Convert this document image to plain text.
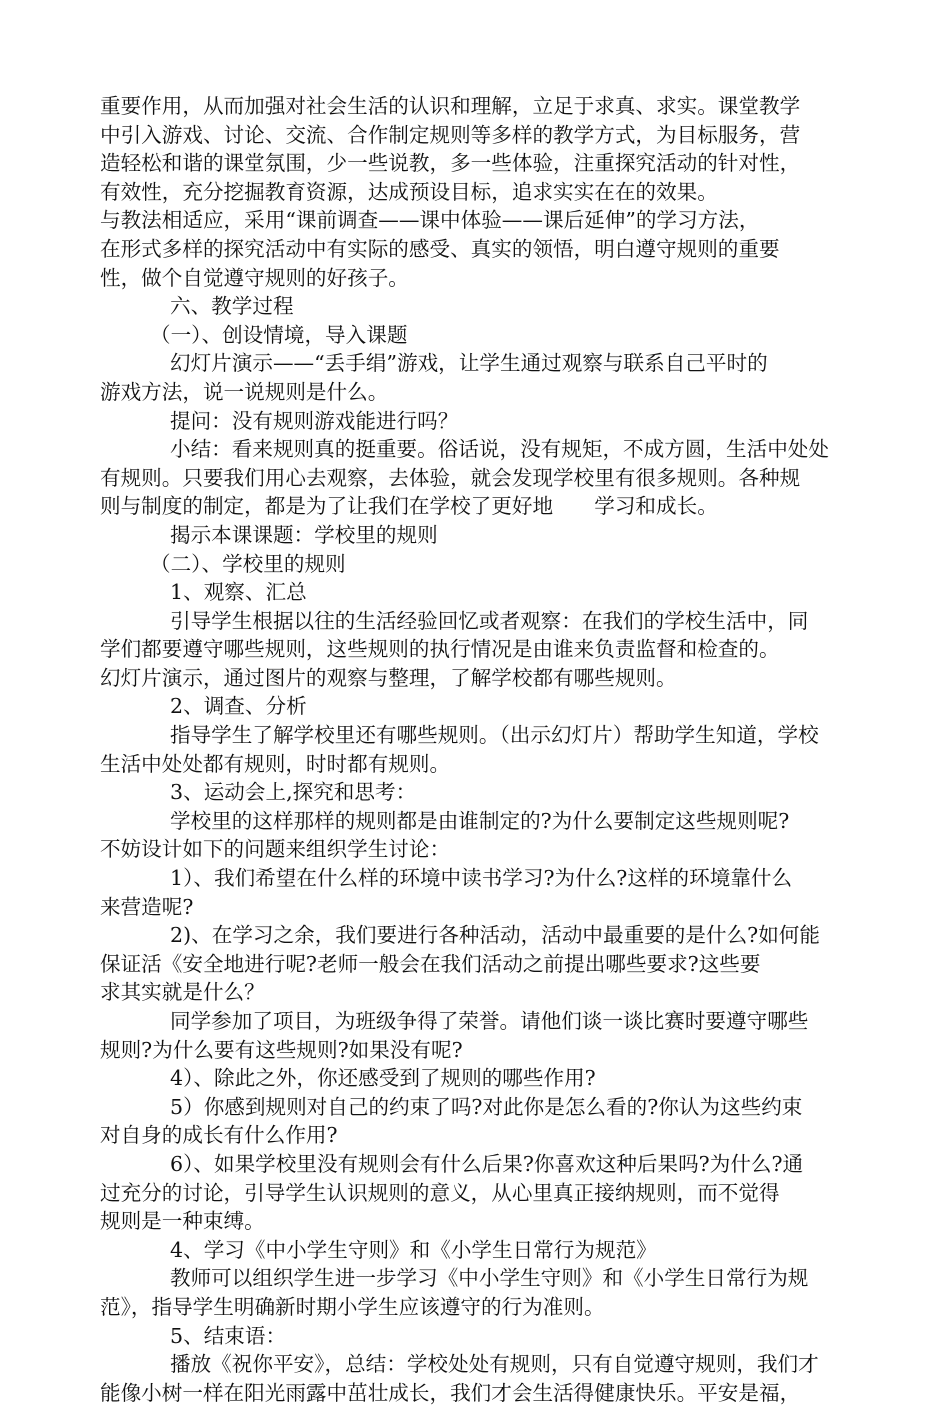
重要作用，从而加强对社会生活的认识和理解，立足于求真、求实。课堂教学
中引入游戏、讨论、交流、合作制定规则等多样的教学方式，为目标服务，营
造轻松和谐的课堂氛围，少一些说教，多一些体验，注重探究活动的针对性，
有效性，充分挖掘教育资源，达成预设目标，追求实实在在的效果。
与教法相适应，采用“课前调查——课中体验——课后延伸”的学习方法，
在形式多样的探究活动中有实际的感受、真实的领悟，明白遵守规则的重要
性，做个自觉遵守规则的好孩子。
六、教学过程
（一）、创设情境，导入课题
幻灯片演示——“丢手绢”游戏，让学生通过观察与联系自己平时的
游戏方法，说一说规则是什么。
提问：没有规则游戏能进行吗？
小结：看来规则真的挺重要。俗话说，没有规矩，不成方圆，生活中处处
有规则。只要我们用心去观察，去体验，就会发现学校里有很多规则。各种规
则与制度的制定，都是为了让我们在学校了更好地　　学习和成长。
揭示本课课题：学校里的规则
（二）、学校里的规则
1、观察、汇总
引导学生根据以往的生活经验回忆或者观察：在我们的学校生活中，同
学们都要遵守哪些规则，这些规则的执行情况是由谁来负责监督和检查的。
幻灯片演示，通过图片的观察与整理，了解学校都有哪些规则。
2、调查、分析
指导学生了解学校里还有哪些规则。（出示幻灯片）帮助学生知道，学校
生活中处处都有规则，时时都有规则。
3、运动会上,探究和思考：
学校里的这样那样的规则都是由谁制定的?为什么要制定这些规则呢?
不妨设计如下的问题来组织学生讨论：
1）、我们希望在什么样的环境中读书学习?为什么?这样的环境靠什么
来营造呢?
2)、在学习之余，我们要进行各种活动，活动中最重要的是什么?如何能
保证活《安全地进行呢?老师一般会在我们活动之前提出哪些要求?这些要
求其实就是什么？
同学参加了项目，为班级争得了荣誉。请他们谈一谈比赛时要遵守哪些
规则?为什么要有这些规则?如果没有呢?
4）、除此之外，你还感受到了规则的哪些作用?
5）你感到规则对自己的约束了吗?对此你是怎么看的?你认为这些约束
对自身的成长有什么作用?
6）、如果学校里没有规则会有什么后果?你喜欢这种后果吗?为什么?通
过充分的讨论，引导学生认识规则的意义，从心里真正接纳规则，而不觉得
规则是一种束缚。
4、学习《中小学生守则》和《小学生日常行为规范》
教师可以组织学生进一步学习《中小学生守则》和《小学生日常行为规
范》，指导学生明确新时期小学生应该遵守的行为准则。
5、结束语：
播放《祝你平安》，总结：学校处处有规则，只有自觉遵守规则，我们才
能像小树一样在阳光雨露中茁壮成长，我们才会生活得健康快乐。平安是福，
